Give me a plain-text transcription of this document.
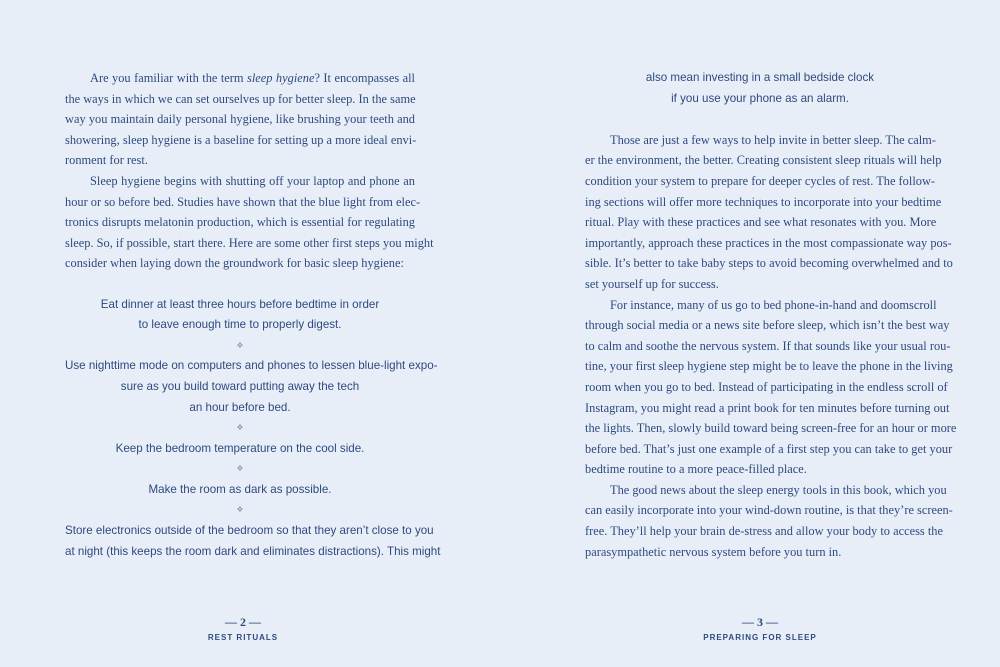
Are you familiar with the term sleep hygiene? It encompasses all
the ways in which we can set ourselves up for better sleep. In the same
way you maintain daily personal hygiene, like brushing your teeth and
showering, sleep hygiene is a baseline for setting up a more ideal envi-
ronment for rest.
Sleep hygiene begins with shutting off your laptop and phone an
hour or so before bed. Studies have shown that the blue light from elec-
tronics disrupts melatonin production, which is essential for regulating
sleep. So, if possible, start there. Here are some other first steps you might
consider when laying down the groundwork for basic sleep hygiene:
Eat dinner at least three hours before bedtime in order
to leave enough time to properly digest.
❖
Use nighttime mode on computers and phones to lessen blue-light expo-
sure as you build toward putting away the tech
an hour before bed.
❖
Keep the bedroom temperature on the cool side.
❖
Make the room as dark as possible.
❖
Store electronics outside of the bedroom so that they aren’t close to you
at night (this keeps the room dark and eliminates distractions). This might
— 2 —
REST RITUALS
also mean investing in a small bedside clock
if you use your phone as an alarm.
Those are just a few ways to help invite in better sleep. The calm-
er the environment, the better. Creating consistent sleep rituals will help
condition your system to prepare for deeper cycles of rest. The follow-
ing sections will offer more techniques to incorporate into your bedtime
ritual. Play with these practices and see what resonates with you. More
importantly, approach these practices in the most compassionate way pos-
sible. It’s better to take baby steps to avoid becoming overwhelmed and to
set yourself up for success.
For instance, many of us go to bed phone-in-hand and doomscroll
through social media or a news site before sleep, which isn’t the best way
to calm and soothe the nervous system. If that sounds like your usual rou-
tine, your first sleep hygiene step might be to leave the phone in the living
room when you go to bed. Instead of participating in the endless scroll of
Instagram, you might read a print book for ten minutes before turning out
the lights. Then, slowly build toward being screen-free for an hour or more
before bed. That’s just one example of a first step you can take to get your
bedtime routine to a more peace-filled place.
The good news about the sleep energy tools in this book, which you
can easily incorporate into your wind-down routine, is that they’re screen-
free. They’ll help your brain de-stress and allow your body to access the
parasympathetic nervous system before you turn in.
— 3 —
PREPARING FOR SLEEP
